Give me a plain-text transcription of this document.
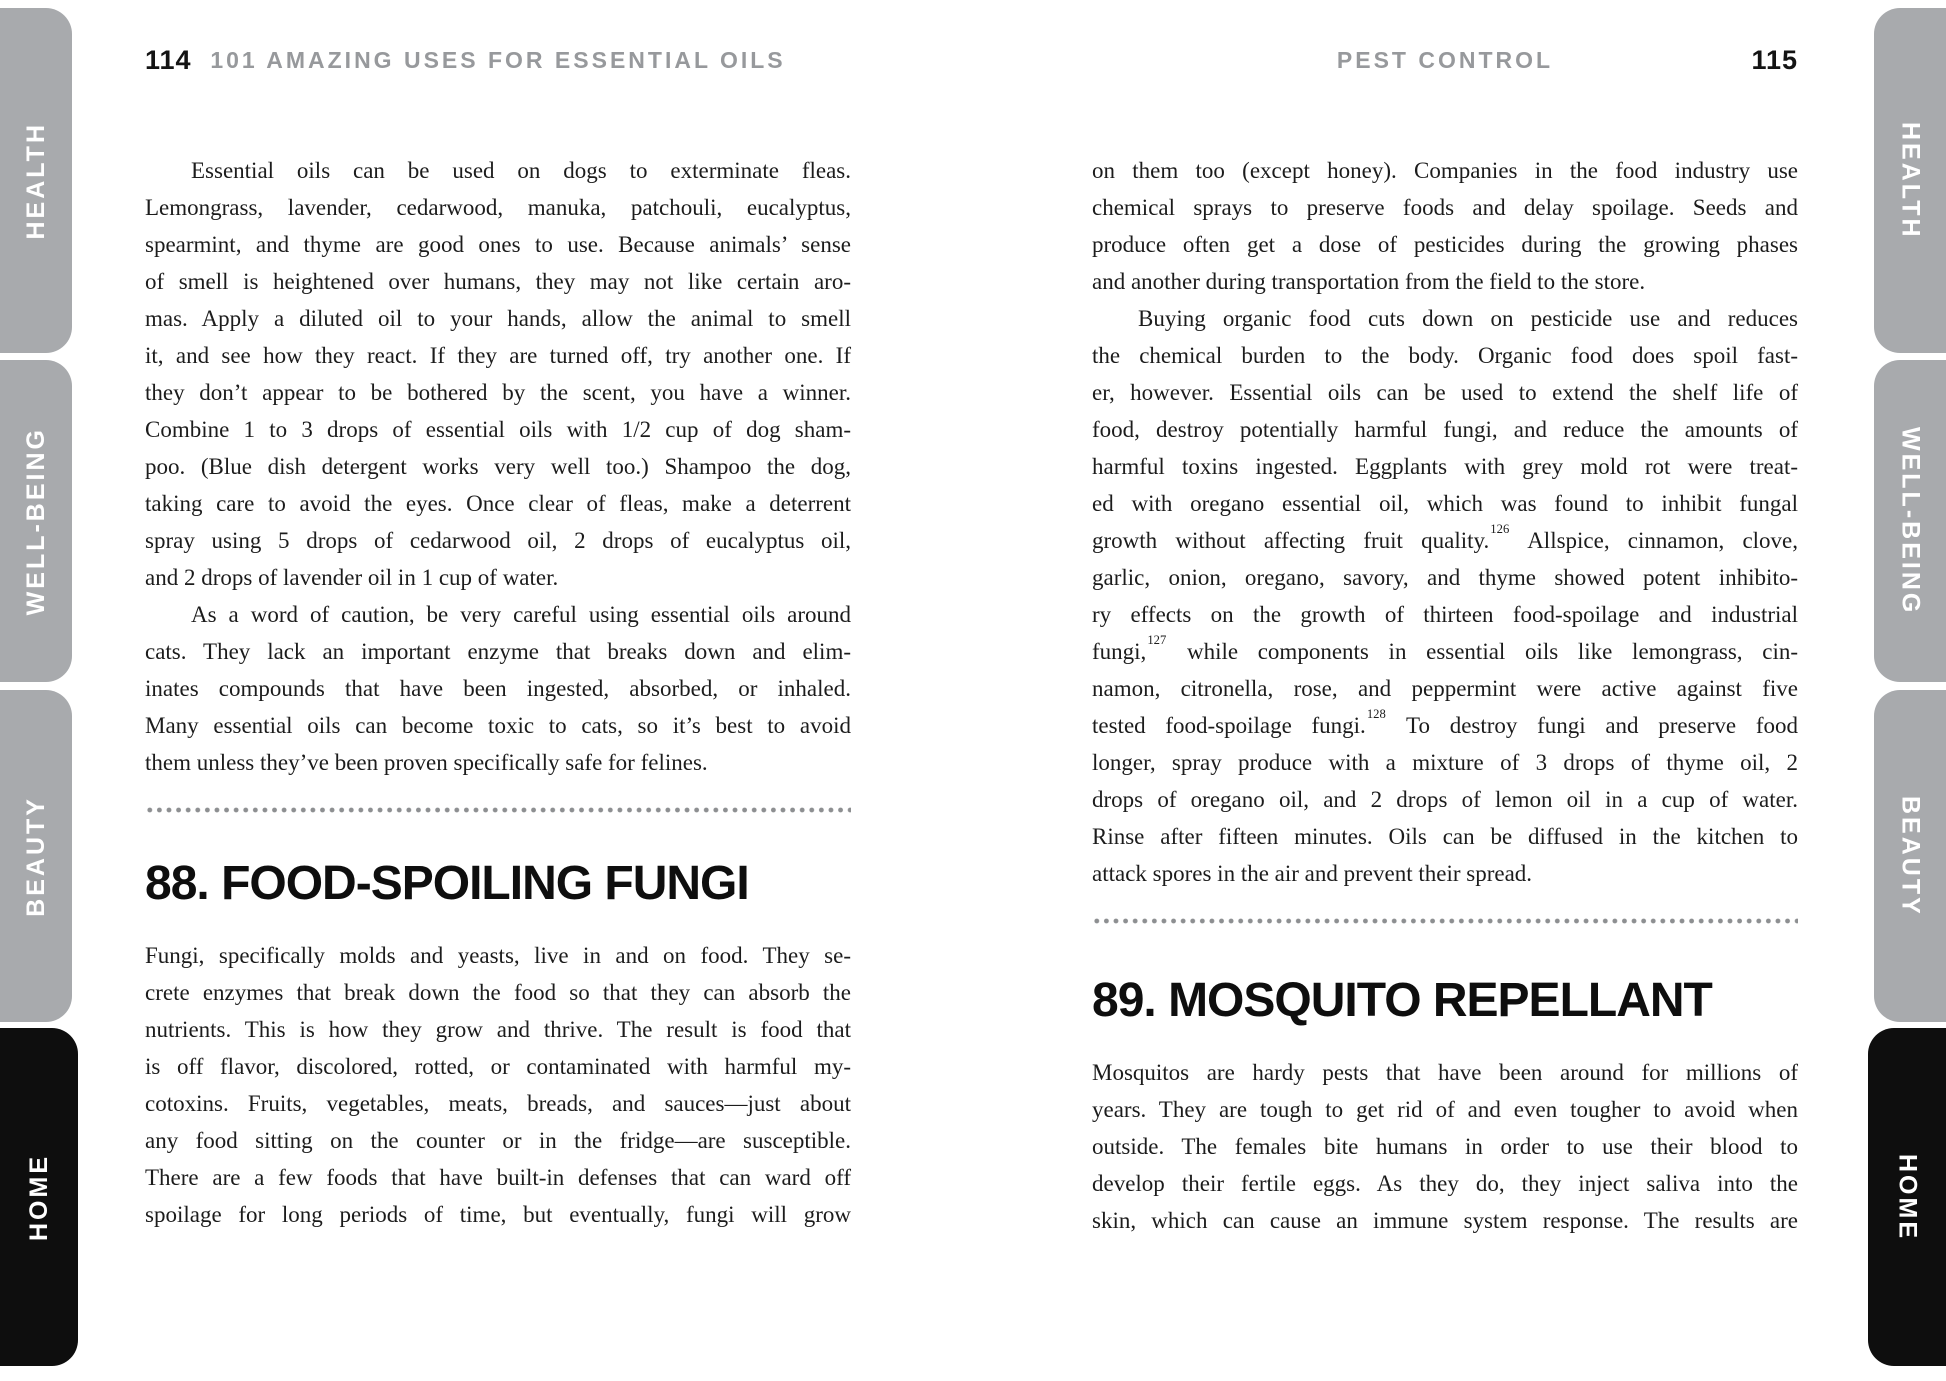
HEALTH
WELL-BEING
BEAUTY
HOME
HEALTH
WELL-BEING
BEAUTY
HOME
114 101 AMAZING USES FOR ESSENTIAL OILS	PEST CONTROL	115
Essential oils can be used on dogs to exterminate fleas.
Lemongrass, lavender, cedarwood, manuka, patchouli, eucalyptus,
spearmint, and thyme are good ones to use. Because animals’ sense
of smell is heightened over humans, they may not like certain aro-
mas. Apply a diluted oil to your hands, allow the animal to smell
it, and see how they react. If they are turned off, try another one. If
they don’t appear to be bothered by the scent, you have a winner.
Combine 1 to 3 drops of essential oils with 1/2 cup of dog sham-
poo. (Blue dish detergent works very well too.) Shampoo the dog,
taking care to avoid the eyes. Once clear of fleas, make a deterrent
spray using 5 drops of cedarwood oil, 2 drops of eucalyptus oil,
and 2 drops of lavender oil in 1 cup of water.
As a word of caution, be very careful using essential oils around
cats. They lack an important enzyme that breaks down and elim-
inates compounds that have been ingested, absorbed, or inhaled.
Many essential oils can become toxic to cats, so it’s best to avoid
them unless they’ve been proven specifically safe for felines.
88. FOOD-SPOILING FUNGI
Fungi, specifically molds and yeasts, live in and on food. They se-
crete enzymes that break down the food so that they can absorb the
nutrients. This is how they grow and thrive. The result is food that
is off flavor, discolored, rotted, or contaminated with harmful my-
cotoxins. Fruits, vegetables, meats, breads, and sauces—just about
any food sitting on the counter or in the fridge—are susceptible.
There are a few foods that have built-in defenses that can ward off
spoilage for long periods of time, but eventually, fungi will grow
on them too (except honey). Companies in the food industry use
chemical sprays to preserve foods and delay spoilage. Seeds and
produce often get a dose of pesticides during the growing phases
and another during transportation from the field to the store.
Buying organic food cuts down on pesticide use and reduces
the chemical burden to the body. Organic food does spoil fast-
er, however. Essential oils can be used to extend the shelf life of
food, destroy potentially harmful fungi, and reduce the amounts of
harmful toxins ingested. Eggplants with grey mold rot were treat-
ed with oregano essential oil, which was found to inhibit fungal
growth without affecting fruit quality.$^{126}$ Allspice, cinnamon, clove,
garlic, onion, oregano, savory, and thyme showed potent inhibito-
ry effects on the growth of thirteen food-spoilage and industrial
fungi,$^{127}$ while components in essential oils like lemongrass, cin-
namon, citronella, rose, and peppermint were active against five
tested food-spoilage fungi.$^{128}$ To destroy fungi and preserve food
longer, spray produce with a mixture of 3 drops of thyme oil, 2
drops of oregano oil, and 2 drops of lemon oil in a cup of water.
Rinse after fifteen minutes. Oils can be diffused in the kitchen to
attack spores in the air and prevent their spread.
89. MOSQUITO REPELLANT
Mosquitos are hardy pests that have been around for millions of
years. They are tough to get rid of and even tougher to avoid when
outside. The females bite humans in order to use their blood to
develop their fertile eggs. As they do, they inject saliva into the
skin, which can cause an immune system response. The results are
